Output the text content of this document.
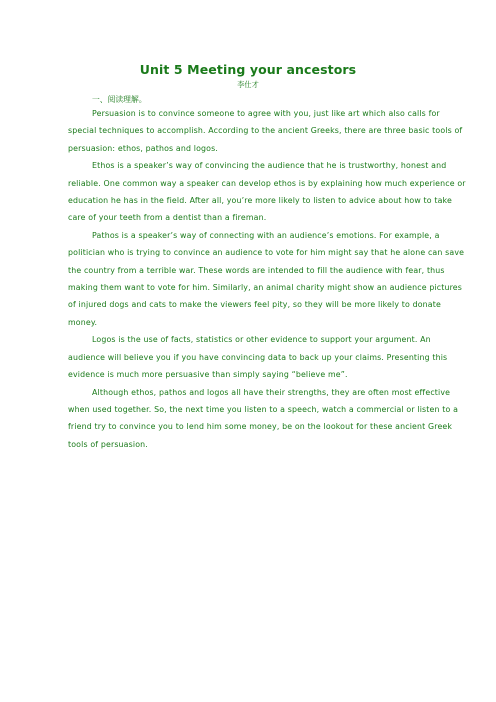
Unit 5 Meeting your ancestors
李仕才
一、阅读理解。

Persuasion is to convince someone to agree with you, just like art which also calls for special techniques to accomplish. According to the ancient Greeks, there are three basic tools of persuasion: ethos, pathos and logos.

Ethos is a speaker’s way of convincing the audience that he is trustworthy, honest and reliable. One common way a speaker can develop ethos is by explaining how much experience or education he has in the field. After all, you’re more likely to listen to advice about how to take care of your teeth from a dentist than a fireman.

Pathos is a speaker’s way of connecting with an audience’s emotions. For example, a politician who is trying to convince an audience to vote for him might say that he alone can save the country from a terrible war. These words are intended to fill the audience with fear, thus making them want to vote for him. Similarly, an animal charity might show an audience pictures of injured dogs and cats to make the viewers feel pity, so they will be more likely to donate money.

Logos is the use of facts, statistics or other evidence to support your argument. An audience will believe you if you have convincing data to back up your claims. Presenting this evidence is much more persuasive than simply saying “believe me”.

Although ethos, pathos and logos all have their strengths, they are often most effective when used together. So, the next time you listen to a speech, watch a commercial or listen to a friend try to convince you to lend him some money, be on the lookout for these ancient Greek tools of persuasion.
